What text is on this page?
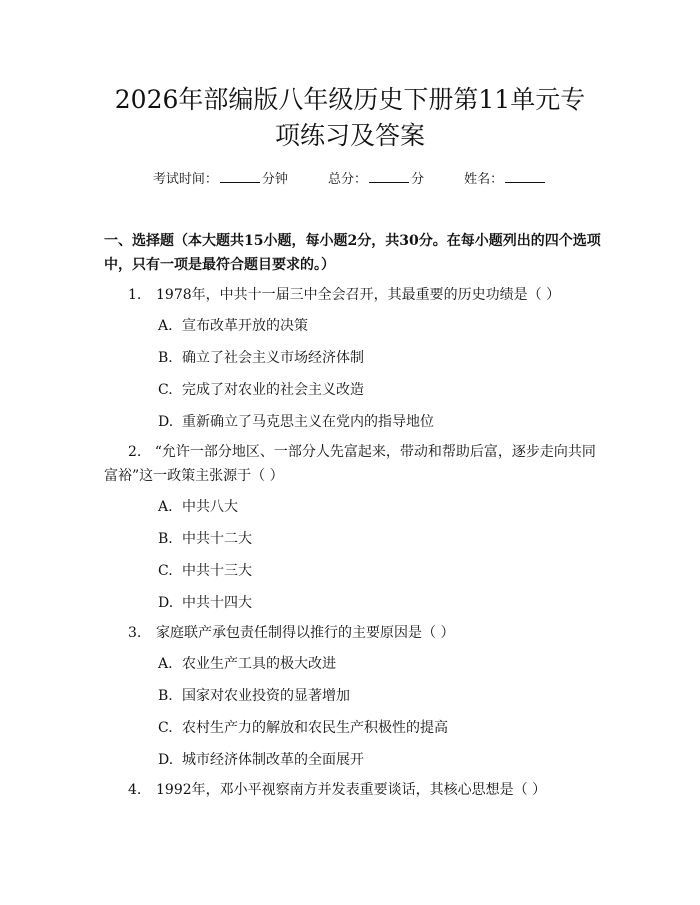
2026年部编版八年级历史下册第11单元专
项练习及答案
考试时间：	分钟	总分：	分	姓名：

一、选择题（本大题共15小题，每小题2分，共30分。在每小题列出的四个选项中，只有一项是最符合题目要求的。）

1. 1978年，中共十一届三中全会召开，其最重要的历史功绩是（ ）

A. 宣布改革开放的决策

B. 确立了社会主义市场经济体制

C. 完成了对农业的社会主义改造

D. 重新确立了马克思主义在党内的指导地位

2. “允许一部分地区、一部分人先富起来，带动和帮助后富，逐步走向共同富裕”这一政策主张源于（ ）

A. 中共八大

B. 中共十二大

C. 中共十三大

D. 中共十四大

3. 家庭联产承包责任制得以推行的主要原因是（ ）

A. 农业生产工具的极大改进

B. 国家对农业投资的显著增加

C. 农村生产力的解放和农民生产积极性的提高

D. 城市经济体制改革的全面展开

4. 1992年，邓小平视察南方并发表重要谈话，其核心思想是（ ）
